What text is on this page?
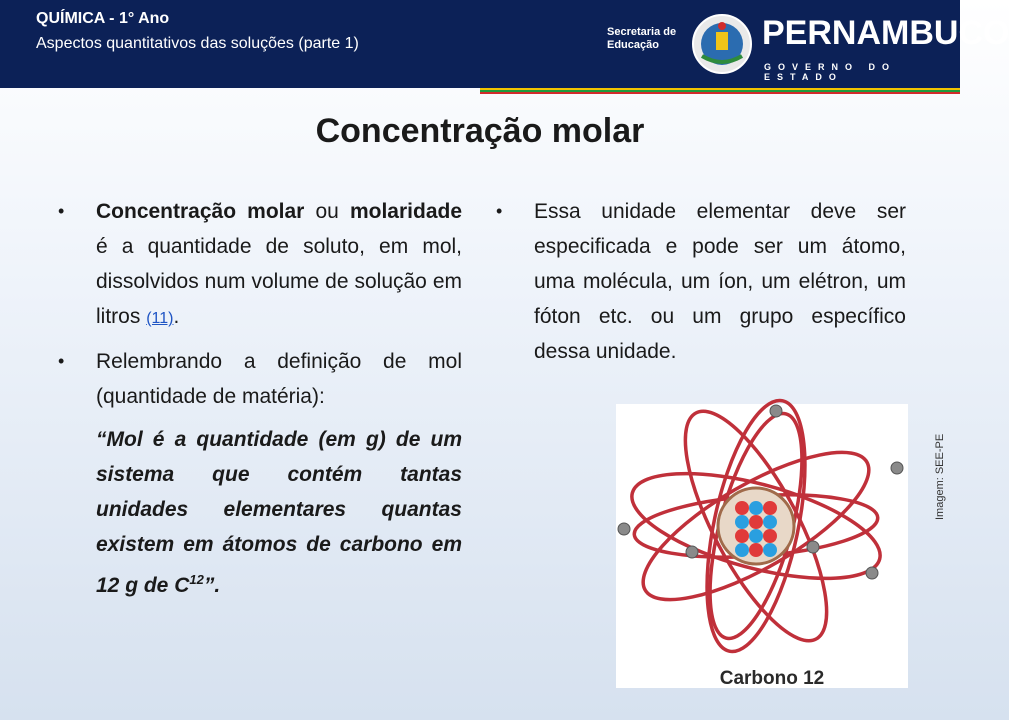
QUÍMICA - 1° Ano
Aspectos quantitativos das soluções (parte 1)
Secretaria de
Educação	PERNAMBUCO
GOVERNO DO ESTADO
Concentração molar
• Concentração molar ou molaridade é a quantidade de soluto, em mol, dissolvidos num volume de solução em litros (11).
• Relembrando a definição de mol (quantidade de matéria):
“Mol é a quantidade (em g) de um sistema que contém tantas unidades elementares quantas existem em átomos de carbono em 12 g de $C^{12}$”.
• Essa unidade elementar deve ser especificada e pode ser um átomo, uma molécula, um íon, um elétron, um fóton etc. ou um grupo específico dessa unidade.
Carbono 12
Imagem: SEE-PE
